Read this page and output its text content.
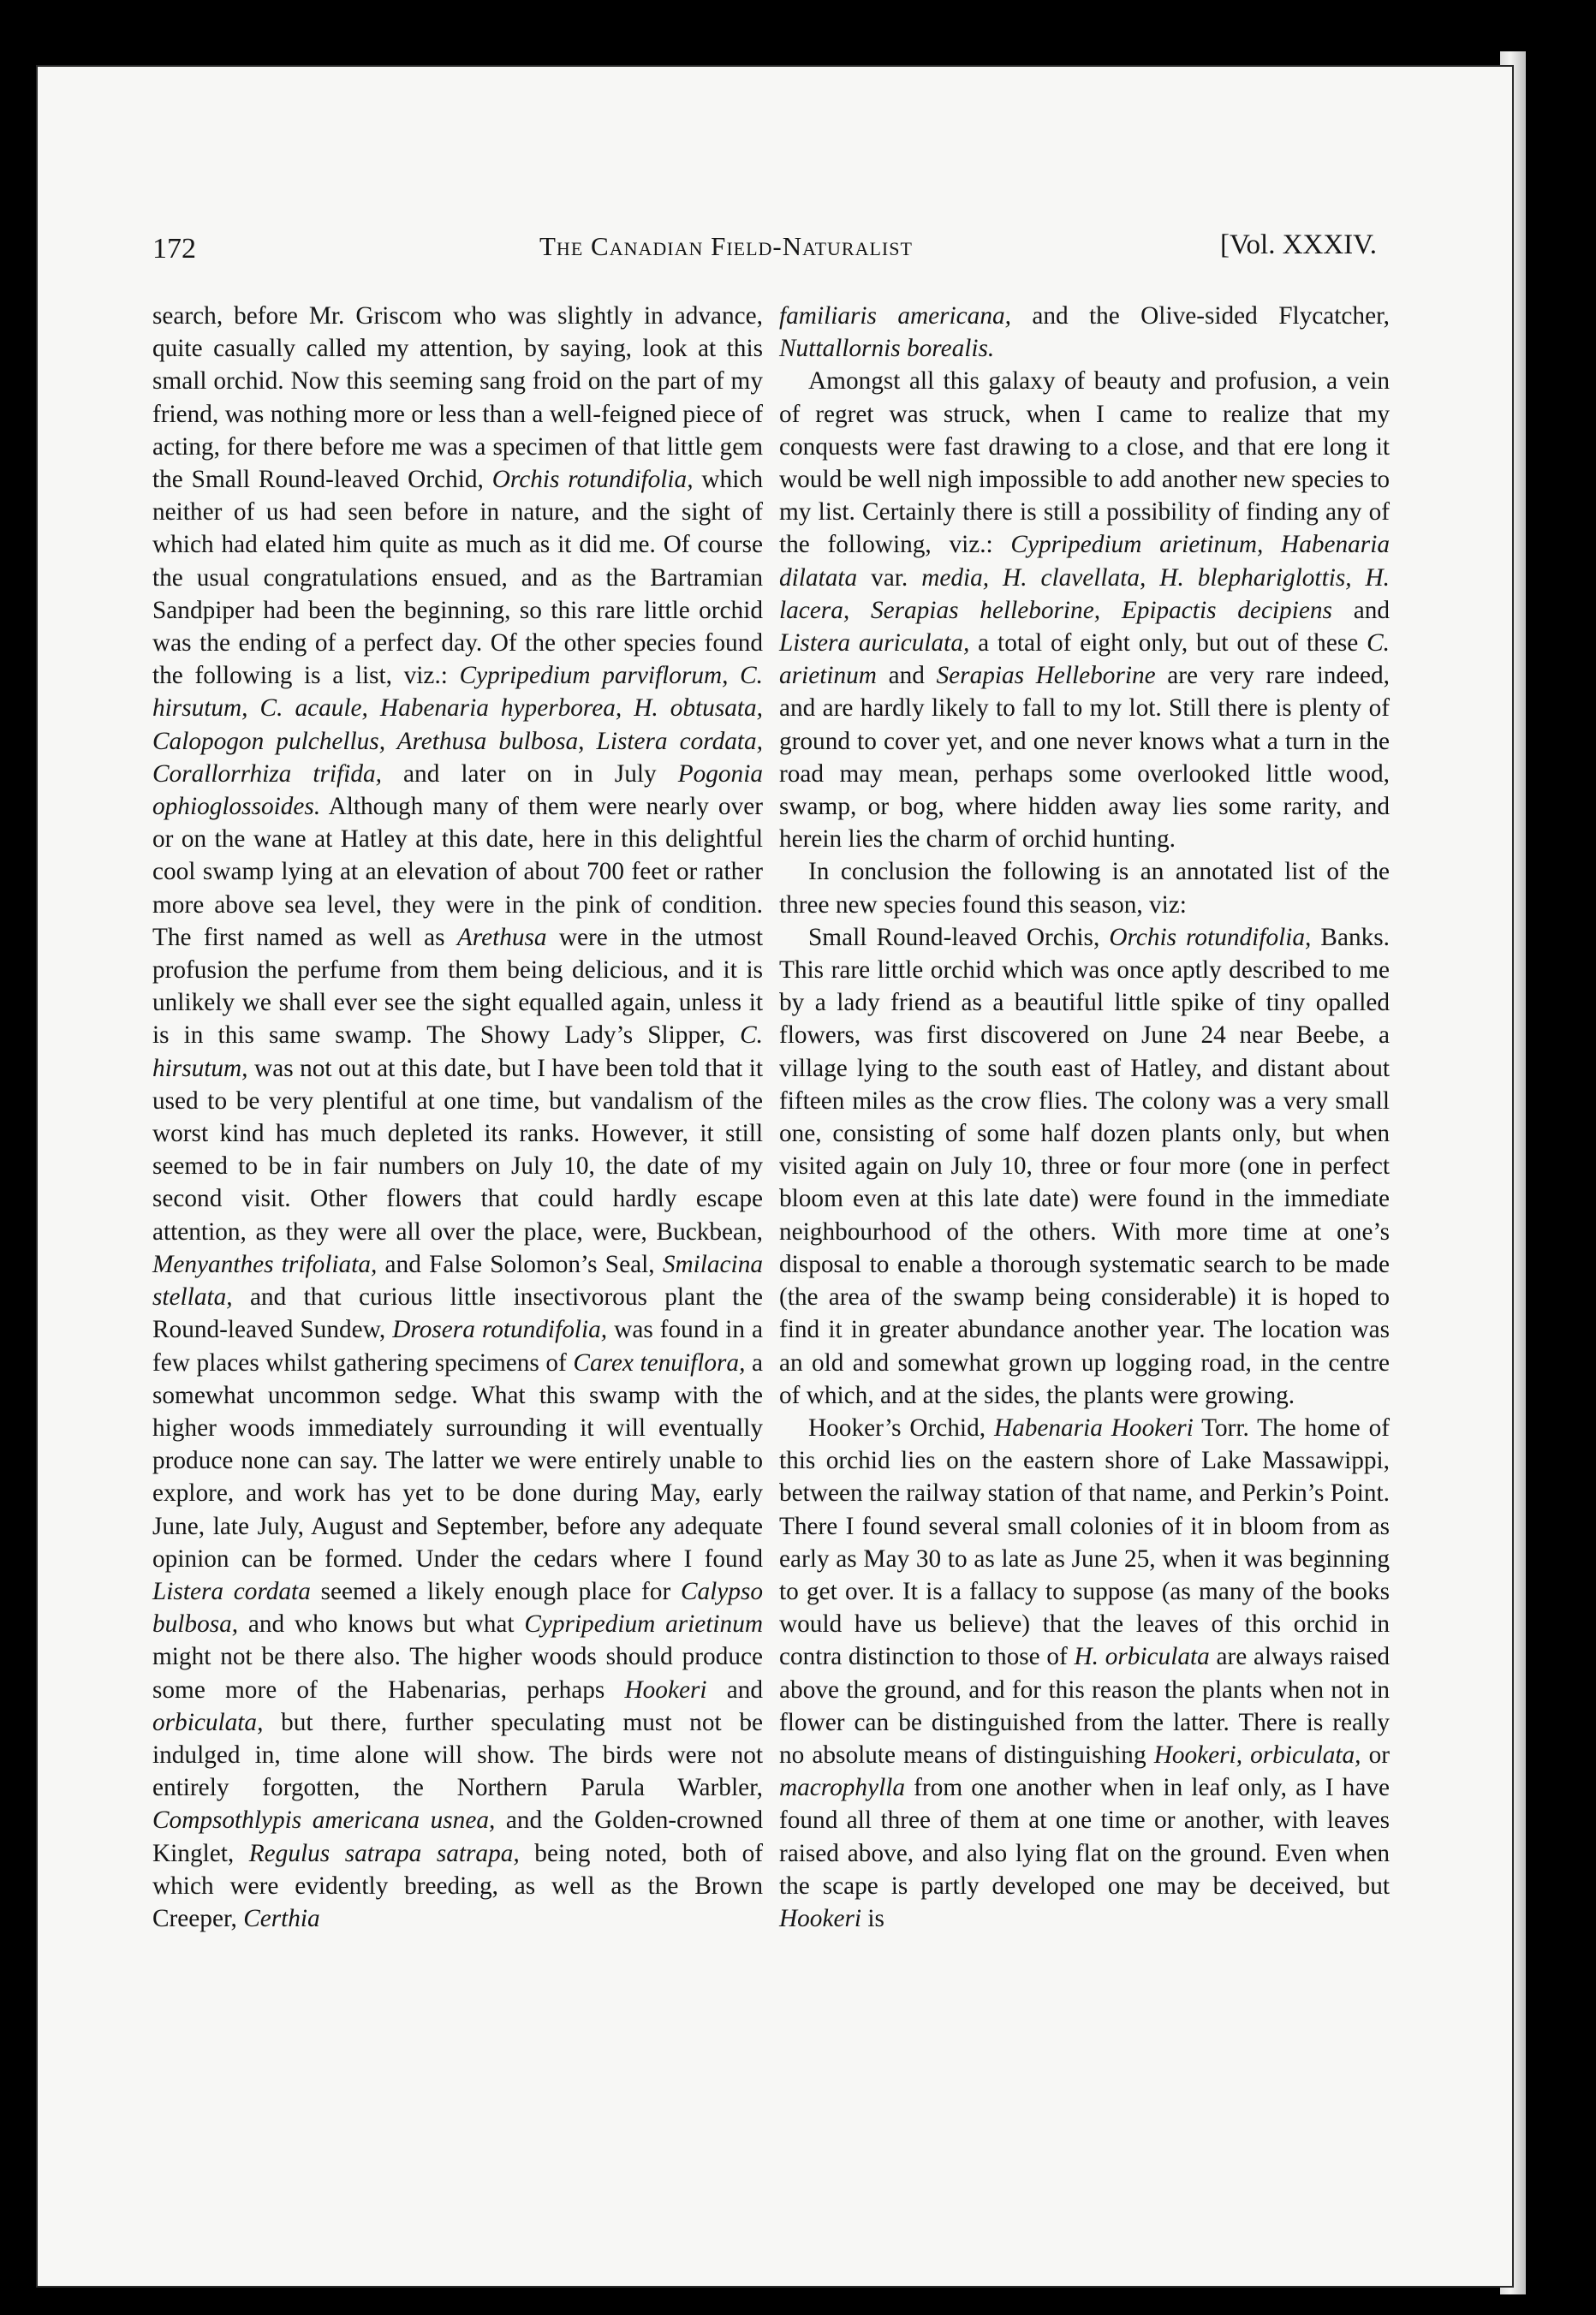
172	The Canadian Field-Naturalist	[Vol. XXXIV.

search, before Mr. Griscom who was slightly in advance, quite casually called my attention, by saying, look at this small orchid. Now this seeming sang froid on the part of my friend, was nothing more or less than a well-feigned piece of acting, for there before me was a specimen of that little gem the Small Round-leaved Orchid, Orchis rotundifolia, which neither of us had seen before in nature, and the sight of which had elated him quite as much as it did me. Of course the usual congratulations ensued, and as the Bartramian Sandpiper had been the beginning, so this rare little orchid was the ending of a perfect day. Of the other species found the following is a list, viz.: Cypripedium parviflorum, C. hirsutum, C. acaule, Habenaria hyperborea, H. obtusata, Calopogon pulchellus, Arethusa bulbosa, Listera cordata, Corallorrhiza trifida, and later on in July Pogonia ophioglossoides. Although many of them were nearly over or on the wane at Hatley at this date, here in this delightful cool swamp lying at an elevation of about 700 feet or rather more above sea level, they were in the pink of condition. The first named as well as Arethusa were in the utmost profusion the perfume from them being delicious, and it is unlikely we shall ever see the sight equalled again, unless it is in this same swamp. The Showy Lady’s Slipper, C. hirsutum, was not out at this date, but I have been told that it used to be very plentiful at one time, but vandalism of the worst kind has much depleted its ranks. However, it still seemed to be in fair numbers on July 10, the date of my second visit. Other flowers that could hardly escape attention, as they were all over the place, were, Buckbean, Menyanthes trifoliata, and False Solomon’s Seal, Smilacina stellata, and that curious little insectivorous plant the Round-leaved Sundew, Drosera rotundifolia, was found in a few places whilst gathering specimens of Carex tenuiflora, a somewhat uncommon sedge. What this swamp with the higher woods immediately surrounding it will eventually produce none can say. The latter we were entirely unable to explore, and work has yet to be done during May, early June, late July, August and September, before any adequate opinion can be formed. Under the cedars where I found Listera cordata seemed a likely enough place for Calypso bulbosa, and who knows but what Cypripedium arietinum might not be there also. The higher woods should produce some more of the Habenarias, perhaps Hookeri and orbiculata, but there, further speculating must not be indulged in, time alone will show. The birds were not entirely forgotten, the Northern Parula Warbler, Compsothlypis americana usnea, and the Golden-crowned Kinglet, Regulus satrapa satrapa, being noted, both of which were evidently breeding, as well as the Brown Creeper, Certhia

familiaris americana, and the Olive-sided Flycatcher, Nuttallornis borealis.

Amongst all this galaxy of beauty and profusion, a vein of regret was struck, when I came to realize that my conquests were fast drawing to a close, and that ere long it would be well nigh impossible to add another new species to my list. Certainly there is still a possibility of finding any of the following, viz.: Cypripedium arietinum, Habenaria dilatata var. media, H. clavellata, H. blephariglottis, H. lacera, Serapias helleborine, Epipactis decipiens and Listera auriculata, a total of eight only, but out of these C. arietinum and Serapias Helleborine are very rare indeed, and are hardly likely to fall to my lot. Still there is plenty of ground to cover yet, and one never knows what a turn in the road may mean, perhaps some overlooked little wood, swamp, or bog, where hidden away lies some rarity, and herein lies the charm of orchid hunting.

In conclusion the following is an annotated list of the three new species found this season, viz:

Small Round-leaved Orchis, Orchis rotundifolia, Banks. This rare little orchid which was once aptly described to me by a lady friend as a beautiful little spike of tiny opalled flowers, was first discovered on June 24 near Beebe, a village lying to the south east of Hatley, and distant about fifteen miles as the crow flies. The colony was a very small one, consisting of some half dozen plants only, but when visited again on July 10, three or four more (one in perfect bloom even at this late date) were found in the immediate neighbourhood of the others. With more time at one’s disposal to enable a thorough systematic search to be made (the area of the swamp being considerable) it is hoped to find it in greater abundance another year. The location was an old and somewhat grown up logging road, in the centre of which, and at the sides, the plants were growing.

Hooker’s Orchid, Habenaria Hookeri Torr. The home of this orchid lies on the eastern shore of Lake Massawippi, between the railway station of that name, and Perkin’s Point. There I found several small colonies of it in bloom from as early as May 30 to as late as June 25, when it was beginning to get over. It is a fallacy to suppose (as many of the books would have us believe) that the leaves of this orchid in contra distinction to those of H. orbiculata are always raised above the ground, and for this reason the plants when not in flower can be distinguished from the latter. There is really no absolute means of distinguishing Hookeri, orbiculata, or macrophylla from one another when in leaf only, as I have found all three of them at one time or another, with leaves raised above, and also lying flat on the ground. Even when the scape is partly developed one may be deceived, but Hookeri is
